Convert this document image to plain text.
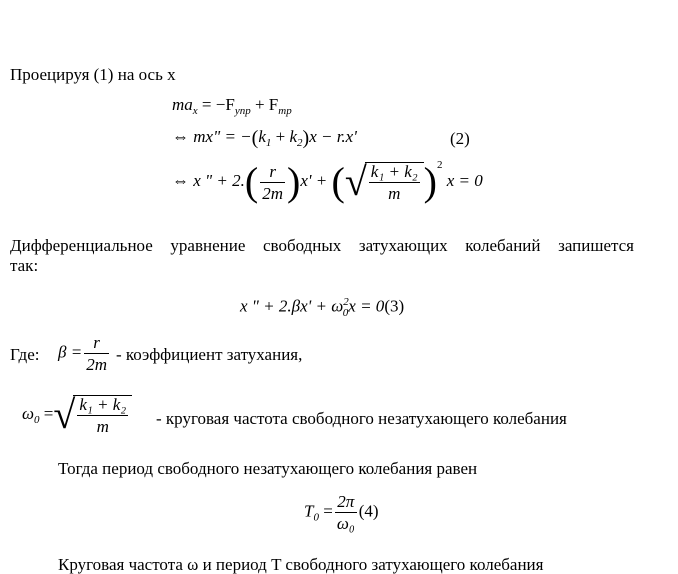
Проецируя (1) на ось x
$ma_x = -F_{упр} + F_{тр}$
⇔ mx" = $-(k_1 + k_2)x - r.x'$	(2)
⇔ x " + $2.( \frac{r}{2m} )x'$ + (√ $\frac{\text{k₁ + k₂}}{m} )^2$ x = 0
Дифференциальное уравнение свободных затухающих колебаний запишется
так:
x " + $2.\beta x' + \omega^2_0x = 0(3)$
Где: $\beta = \frac{r}{2m}$ - коэффициент затухания,
$\omega_0$ =√ $\frac{\text{k₁ + k₂}}{m}$ - круговая частота свободного незатухающего колебания
Тогда период свободного незатухающего колебания равен
$T_0 = \frac{2\pi}{\text{ω₀}} (4)$
Круговая частота ω и период T свободного затухающего колебания
